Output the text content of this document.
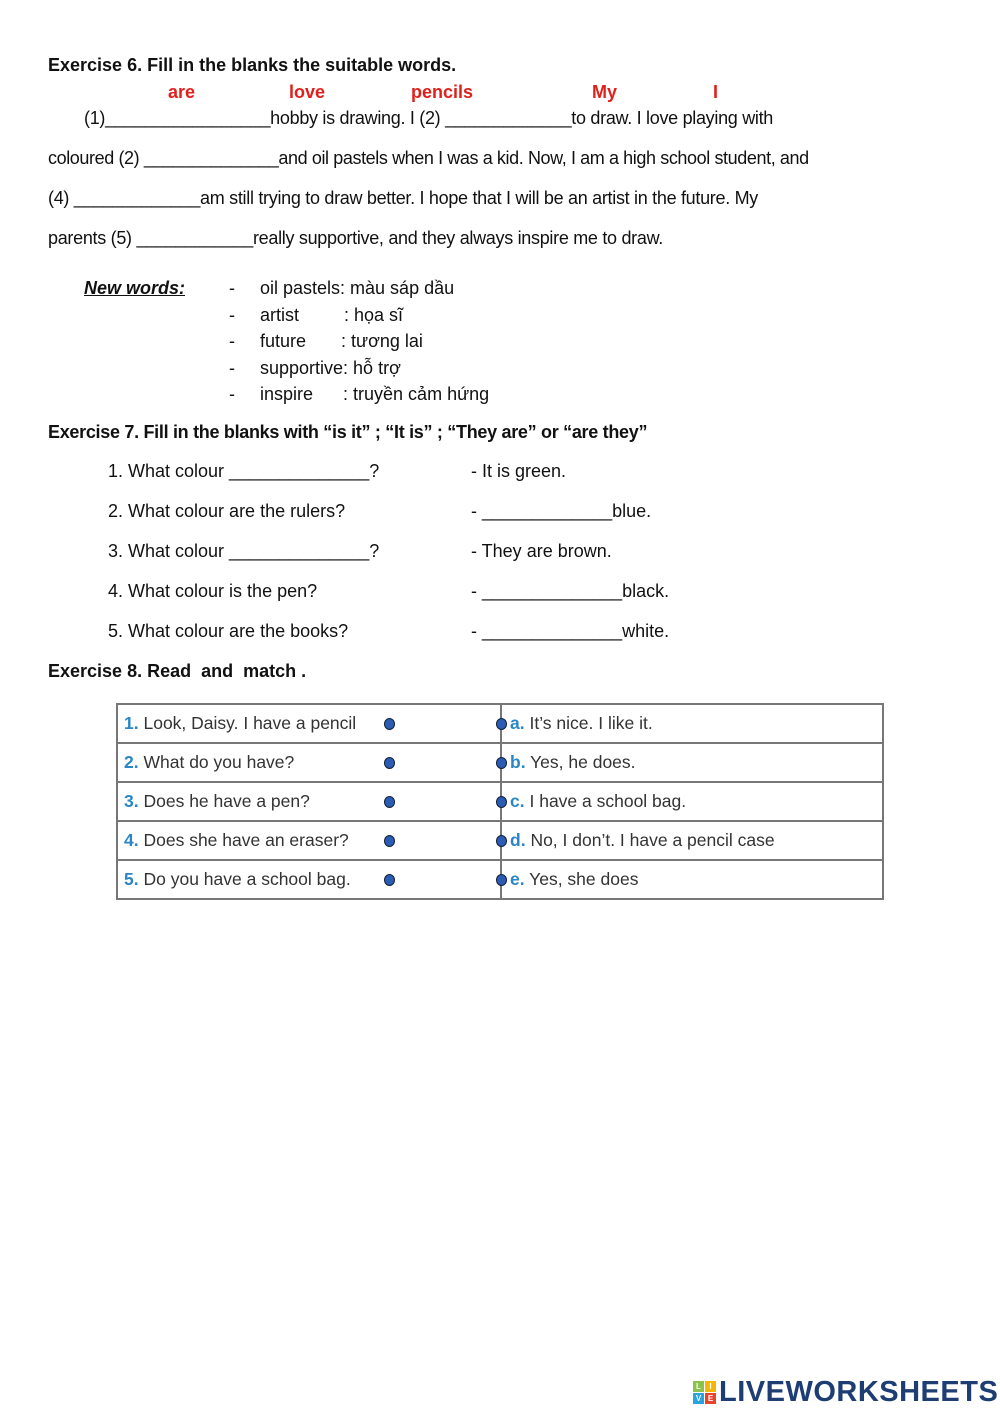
Exercise 6. Fill in the blanks the suitable words.
are	love	pencils	My	I
(1)_________________hobby is drawing. I (2) _____________to draw. I love playing with
coloured (2) ______________and oil pastels when I was a kid. Now, I am a high school student, and
(4) _____________am still trying to draw better. I hope that I will be an artist in the future. My
parents (5) ____________really supportive, and they always inspire me to draw.
New words: -     oil pastels: màu sáp dầu
-     artist         : họa sĩ
-     future       : tương lai
-     supportive: hỗ trợ
-     inspire      : truyền cảm hứng
Exercise 7. Fill in the blanks with “is it” ; “It is” ; “They are” or “are they”
1. What colour ______________?	- It is green.
2. What colour are the rulers?	- _____________blue.
3. What colour ______________?	- They are brown.
4. What colour is the pen?	- ______________black.
5. What colour are the books?	- ______________white.
Exercise 8. Read  and  match .
1. Look, Daisy. I have a pencil	a. It’s nice. I like it.
2. What do you have?	b. Yes, he does.
3. Does he have a pen?	c. I have a school bag.
4. Does she have an eraser?	d. No, I don’t. I have a pencil case
5. Do you have a school bag.	e. Yes, she does
L	I
V E LIVEWORKSHEETS
